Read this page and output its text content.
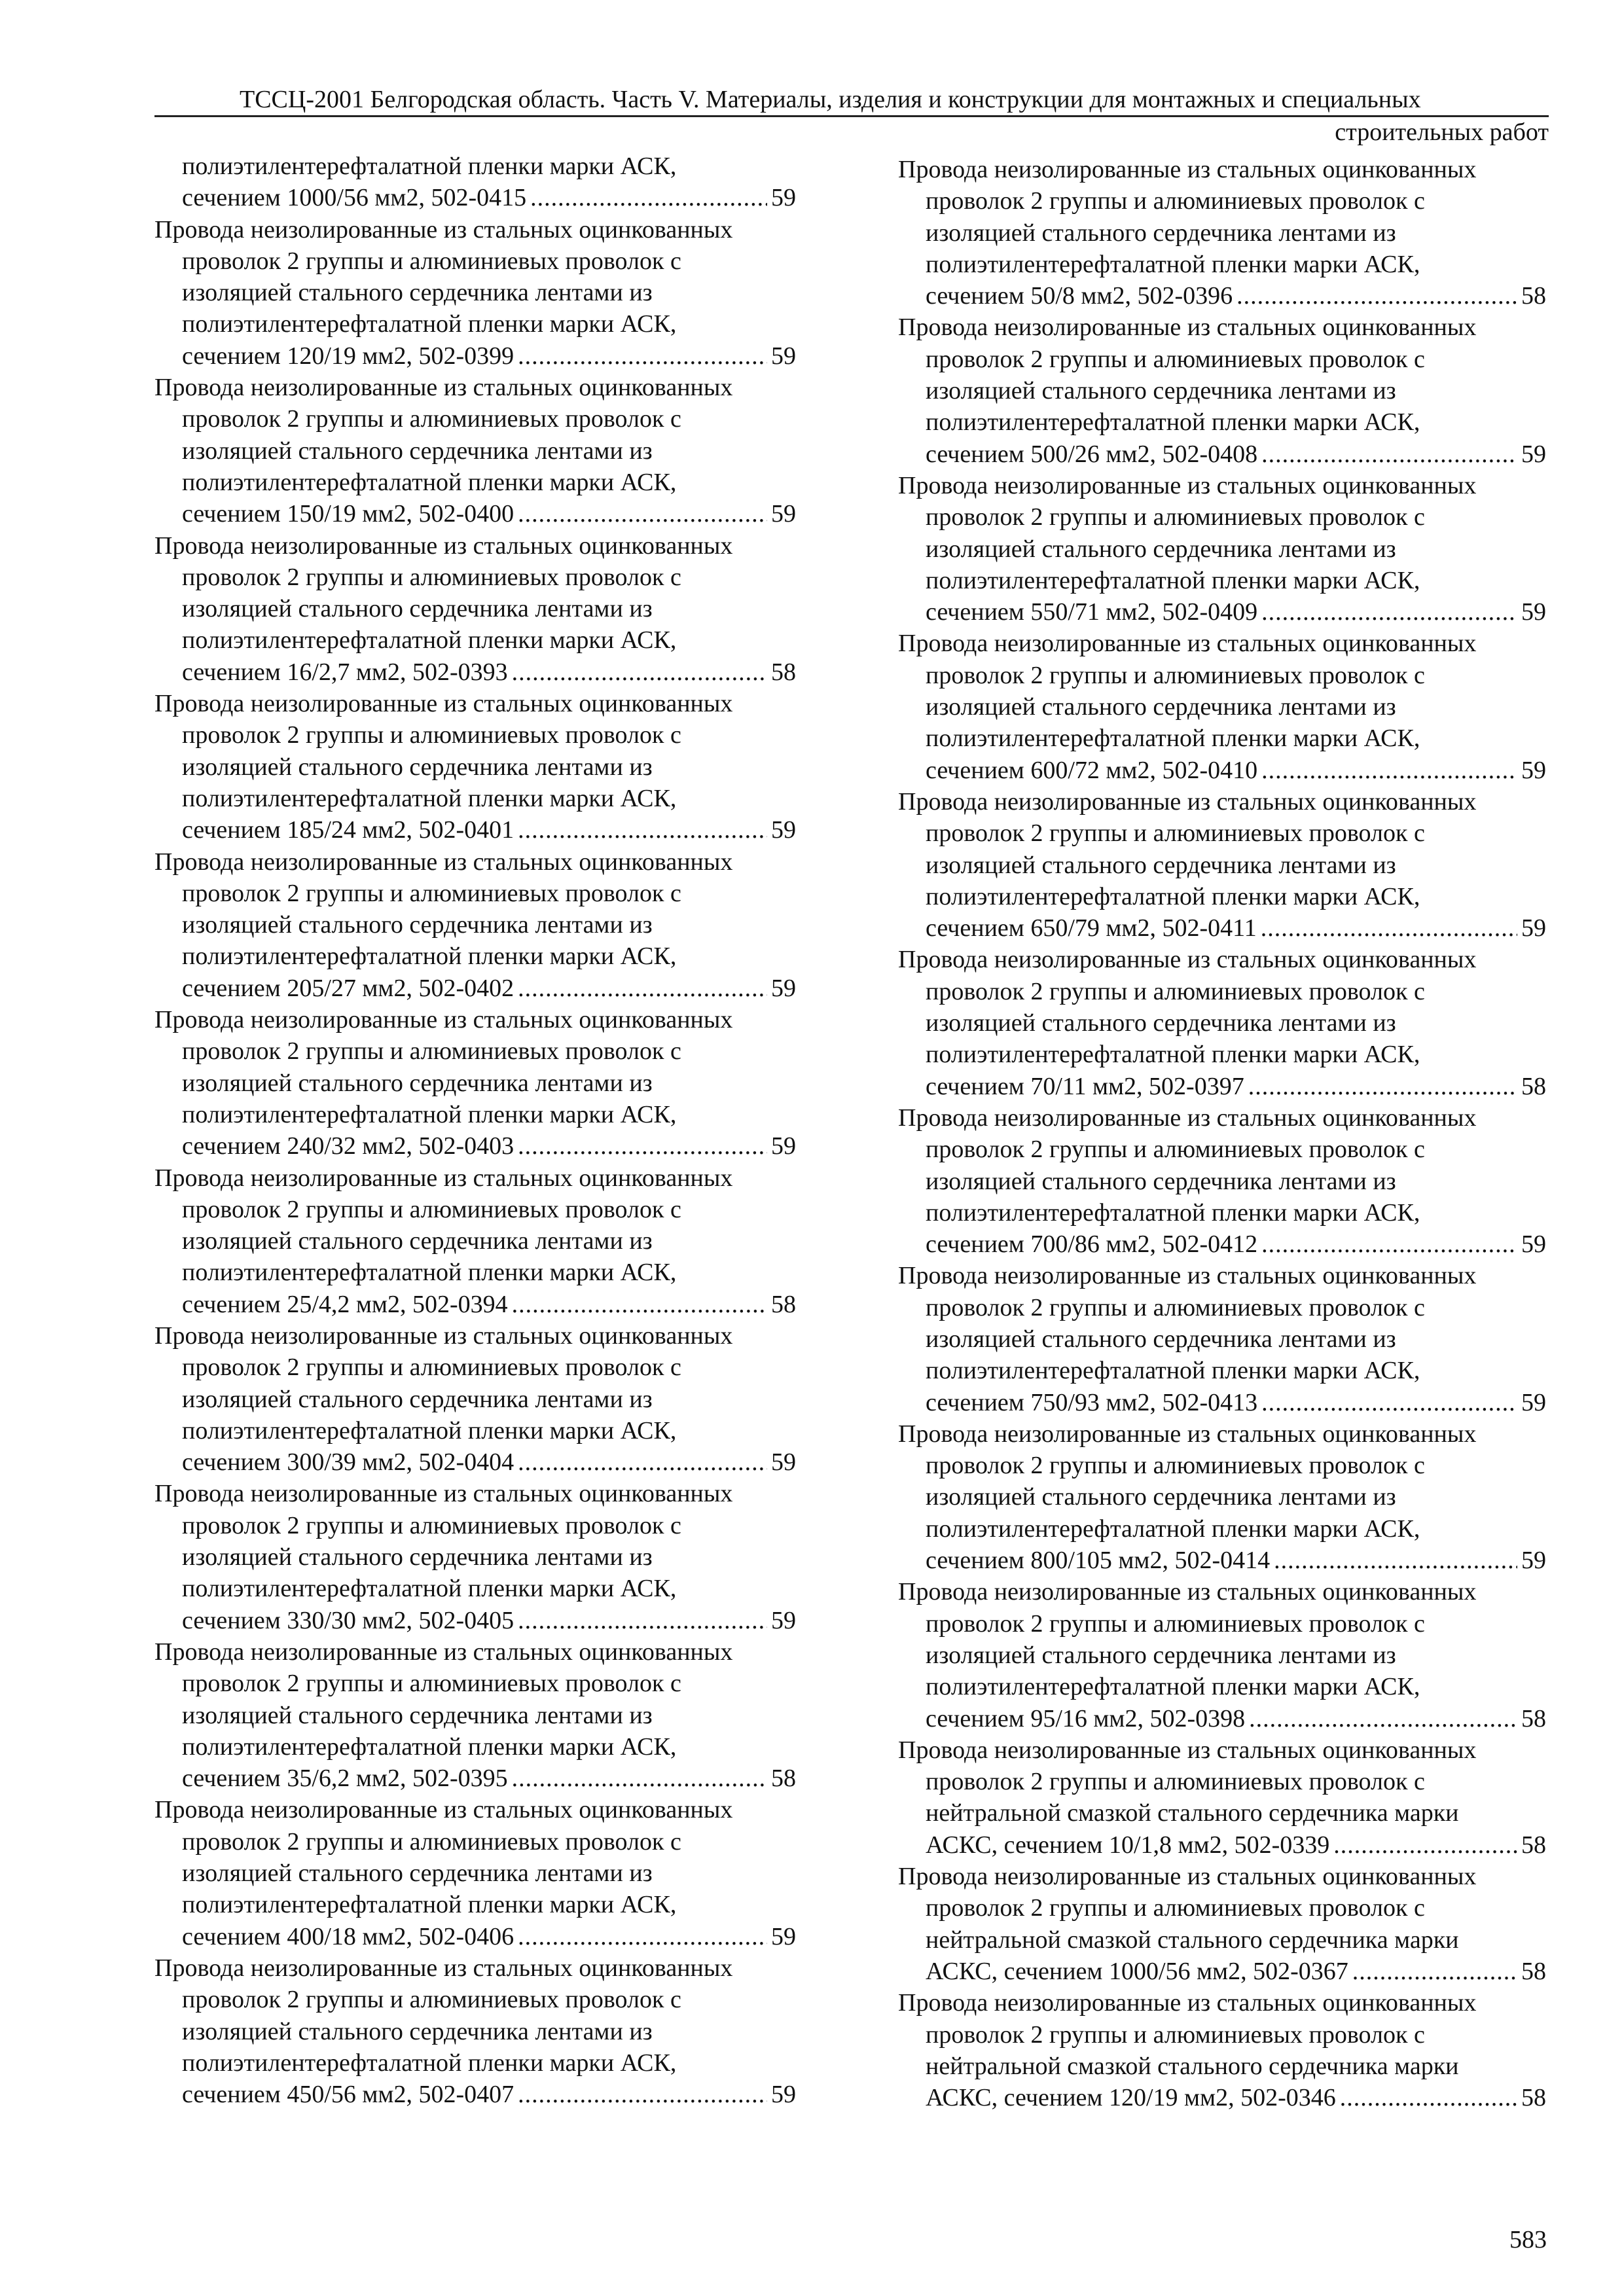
ТССЦ-2001 Белгородская область. Часть V. Материалы, изделия и конструкции для монтажных и специальных
строительных работ
полиэтилентерефталатной пленки марки АСК,
сечением 1000/56 мм2, 502-0415 .....	59
Провода неизолированные из стальных оцинкованных
проволок 2 группы и алюминиевых проволок с
изоляцией стального сердечника лентами из
полиэтилентерефталатной пленки марки АСК,
сечением 120/19 мм2, 502-0399 .....	59
Провода неизолированные из стальных оцинкованных
проволок 2 группы и алюминиевых проволок с
изоляцией стального сердечника лентами из
полиэтилентерефталатной пленки марки АСК,
сечением 150/19 мм2, 502-0400 .....	59
Провода неизолированные из стальных оцинкованных
проволок 2 группы и алюминиевых проволок с
изоляцией стального сердечника лентами из
полиэтилентерефталатной пленки марки АСК,
сечением 16/2,7 мм2, 502-0393 .....	58
Провода неизолированные из стальных оцинкованных
проволок 2 группы и алюминиевых проволок с
изоляцией стального сердечника лентами из
полиэтилентерефталатной пленки марки АСК,
сечением 185/24 мм2, 502-0401 .....	59
Провода неизолированные из стальных оцинкованных
проволок 2 группы и алюминиевых проволок с
изоляцией стального сердечника лентами из
полиэтилентерефталатной пленки марки АСК,
сечением 205/27 мм2, 502-0402 .....	59
Провода неизолированные из стальных оцинкованных
проволок 2 группы и алюминиевых проволок с
изоляцией стального сердечника лентами из
полиэтилентерефталатной пленки марки АСК,
сечением 240/32 мм2, 502-0403 .....	59
Провода неизолированные из стальных оцинкованных
проволок 2 группы и алюминиевых проволок с
изоляцией стального сердечника лентами из
полиэтилентерефталатной пленки марки АСК,
сечением 25/4,2 мм2, 502-0394 .....	58
Провода неизолированные из стальных оцинкованных
проволок 2 группы и алюминиевых проволок с
изоляцией стального сердечника лентами из
полиэтилентерефталатной пленки марки АСК,
сечением 300/39 мм2, 502-0404 .....	59
Провода неизолированные из стальных оцинкованных
проволок 2 группы и алюминиевых проволок с
изоляцией стального сердечника лентами из
полиэтилентерефталатной пленки марки АСК,
сечением 330/30 мм2, 502-0405 .....	59
Провода неизолированные из стальных оцинкованных
проволок 2 группы и алюминиевых проволок с
изоляцией стального сердечника лентами из
полиэтилентерефталатной пленки марки АСК,
сечением 35/6,2 мм2, 502-0395 .....	58
Провода неизолированные из стальных оцинкованных
проволок 2 группы и алюминиевых проволок с
изоляцией стального сердечника лентами из
полиэтилентерефталатной пленки марки АСК,
сечением 400/18 мм2, 502-0406 .....	59
Провода неизолированные из стальных оцинкованных
проволок 2 группы и алюминиевых проволок с
изоляцией стального сердечника лентами из
полиэтилентерефталатной пленки марки АСК,
сечением 450/56 мм2, 502-0407 .....	59
Провода неизолированные из стальных оцинкованных
проволок 2 группы и алюминиевых проволок с
изоляцией стального сердечника лентами из
полиэтилентерефталатной пленки марки АСК,
сечением 50/8 мм2, 502-0396 .....	58
Провода неизолированные из стальных оцинкованных
проволок 2 группы и алюминиевых проволок с
изоляцией стального сердечника лентами из
полиэтилентерефталатной пленки марки АСК,
сечением 500/26 мм2, 502-0408 .....	59
Провода неизолированные из стальных оцинкованных
проволок 2 группы и алюминиевых проволок с
изоляцией стального сердечника лентами из
полиэтилентерефталатной пленки марки АСК,
сечением 550/71 мм2, 502-0409 .....	59
Провода неизолированные из стальных оцинкованных
проволок 2 группы и алюминиевых проволок с
изоляцией стального сердечника лентами из
полиэтилентерефталатной пленки марки АСК,
сечением 600/72 мм2, 502-0410 .....	59
Провода неизолированные из стальных оцинкованных
проволок 2 группы и алюминиевых проволок с
изоляцией стального сердечника лентами из
полиэтилентерефталатной пленки марки АСК,
сечением 650/79 мм2, 502-0411 .....	59
Провода неизолированные из стальных оцинкованных
проволок 2 группы и алюминиевых проволок с
изоляцией стального сердечника лентами из
полиэтилентерефталатной пленки марки АСК,
сечением 70/11 мм2, 502-0397 .....	58
Провода неизолированные из стальных оцинкованных
проволок 2 группы и алюминиевых проволок с
изоляцией стального сердечника лентами из
полиэтилентерефталатной пленки марки АСК,
сечением 700/86 мм2, 502-0412 .....	59
Провода неизолированные из стальных оцинкованных
проволок 2 группы и алюминиевых проволок с
изоляцией стального сердечника лентами из
полиэтилентерефталатной пленки марки АСК,
сечением 750/93 мм2, 502-0413 .....	59
Провода неизолированные из стальных оцинкованных
проволок 2 группы и алюминиевых проволок с
изоляцией стального сердечника лентами из
полиэтилентерефталатной пленки марки АСК,
сечением 800/105 мм2, 502-0414 .....	59
Провода неизолированные из стальных оцинкованных
проволок 2 группы и алюминиевых проволок с
изоляцией стального сердечника лентами из
полиэтилентерефталатной пленки марки АСК,
сечением 95/16 мм2, 502-0398 .....	58
Провода неизолированные из стальных оцинкованных
проволок 2 группы и алюминиевых проволок с
нейтральной смазкой стального сердечника марки
АСКС, сечением 10/1,8 мм2, 502-0339 .....	58
Провода неизолированные из стальных оцинкованных
проволок 2 группы и алюминиевых проволок с
нейтральной смазкой стального сердечника марки
АСКС, сечением 1000/56 мм2, 502-0367 .....	58
Провода неизолированные из стальных оцинкованных
проволок 2 группы и алюминиевых проволок с
нейтральной смазкой стального сердечника марки
АСКС, сечением 120/19 мм2, 502-0346 .....	58
583
